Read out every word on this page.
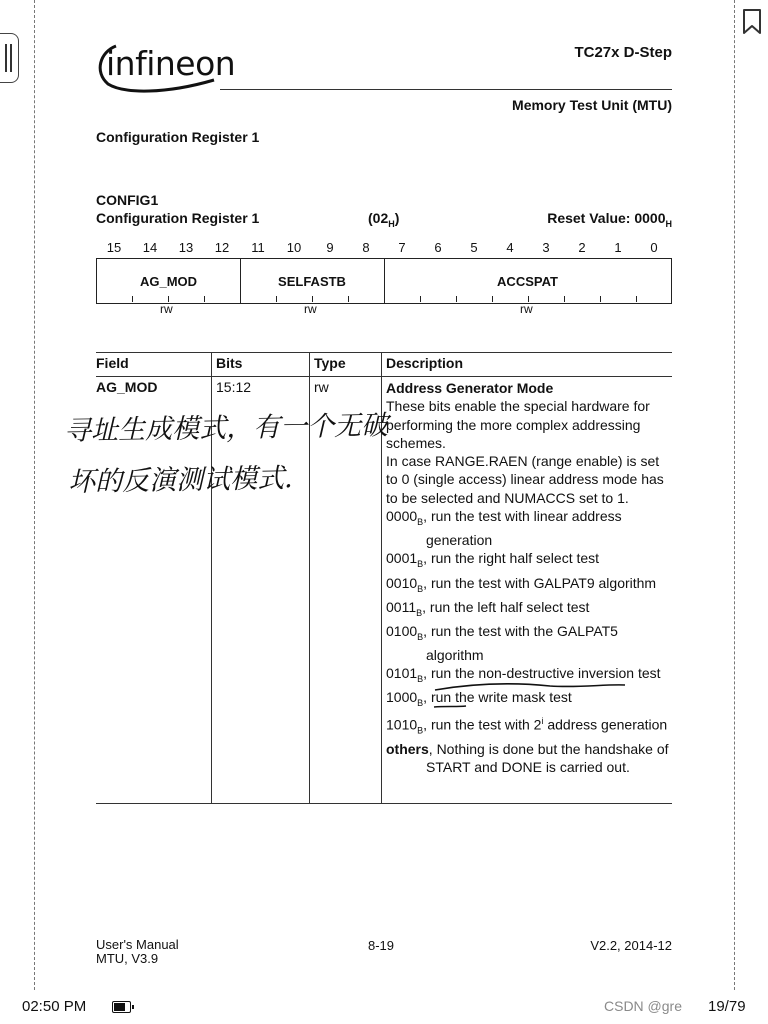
infineon	TC27x D-Step
Memory Test Unit (MTU)
Configuration Register 1
CONFIG1
Configuration Register 1	$(02_H)$	Reset Value: $0000_H$
15	14	13	12	11	10	9	8	7	6	5	4	3	2	1	0
AG_MOD	SELFASTB	ACCSPAT
rw	rw	rw
Field	Bits	Type	Description
AG_MOD	15:12	rw	Address Generator Mode

These bits enable the special hardware for performing the more complex addressing schemes.

In case RANGE.RAEN (range enable) is set to 0 (single access) linear address mode has to be selected and NUMACCS set to 1.

$0000_B$, run the test with linear address generation

$0001_B$, run the right half select test

$0010_B$, run the test with GALPAT9 algorithm

$0011_B$, run the left half select test

$0100_B$, run the test with the GALPAT5 algorithm

$0101_B$, run the non-destructive inversion test

$1000_B$, run the write mask test

$1010_B$, run the test with 2$^i$ address generation

others, Nothing is done but the handshake of START and DONE is carried out.

寻址生成模式，有一个无破
坏的反演测试模式.
User's Manual
MTU, V3.9
8-19	V2.2, 2014-12
02:50 PM	CSDN @gre 19/79
